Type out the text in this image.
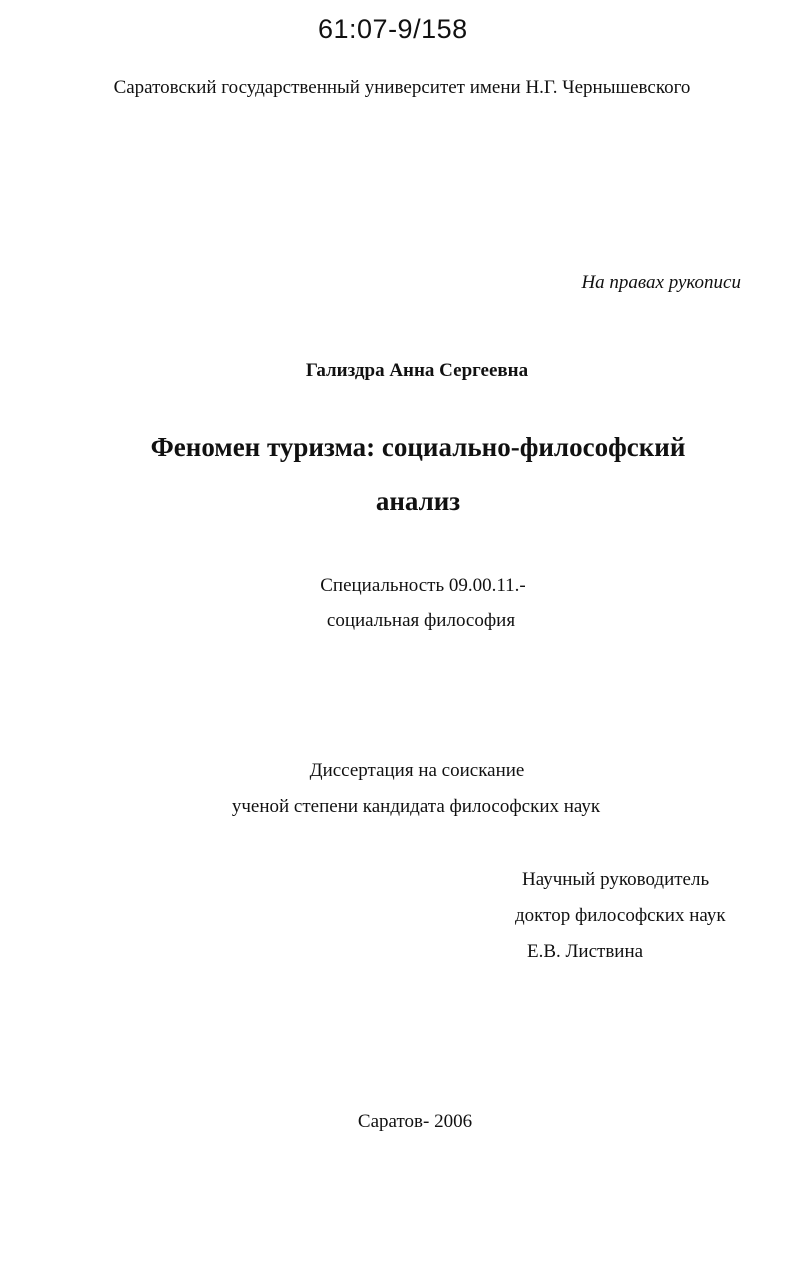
61:07-9/158
Саратовский государственный университет имени Н.Г. Чернышевского
На правах рукописи
Гализдра Анна Сергеевна
Феномен туризма: социально-философский
анализ
Специальность 09.00.11.-
социальная философия
Диссертация на соискание
ученой степени кандидата философских наук
Научный руководитель
доктор философских наук
Е.В. Листвина
Саратов- 2006
